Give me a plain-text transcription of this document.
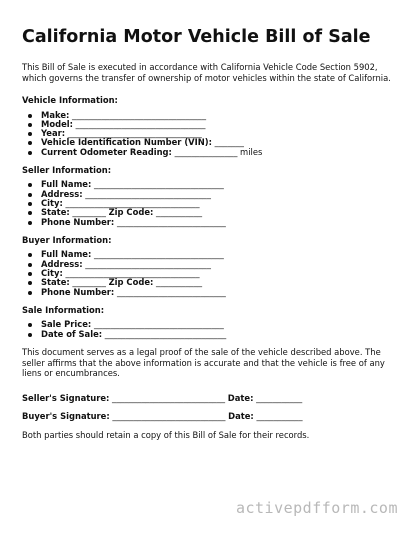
California Motor Vehicle Bill of Sale

This Bill of Sale is executed in accordance with California Vehicle Code Section 5902, which governs the transfer of ownership of motor vehicles within the state of California.

Vehicle Information:
Make: ________________________________
Model: _______________________________
Year: ________________________________
Vehicle Identification Number (VIN): _______
Current Odometer Reading: _______________ miles
Seller Information:
Full Name: _______________________________
Address: ______________________________
City: ________________________________
State: ________ Zip Code: ___________
Phone Number: __________________________
Buyer Information:
Full Name: _______________________________
Address: ______________________________
City: ________________________________
State: ________ Zip Code: ___________
Phone Number: __________________________
Sale Information:
Sale Price: _______________________________
Date of Sale: _____________________________

This document serves as a legal proof of the sale of the vehicle described above. The seller affirms that the above information is accurate and that the vehicle is free of any liens or encumbrances.

Seller's Signature: ___________________________ Date: ___________
Buyer's Signature: ___________________________ Date: ___________

Both parties should retain a copy of this Bill of Sale for their records.

activepdfform.com
